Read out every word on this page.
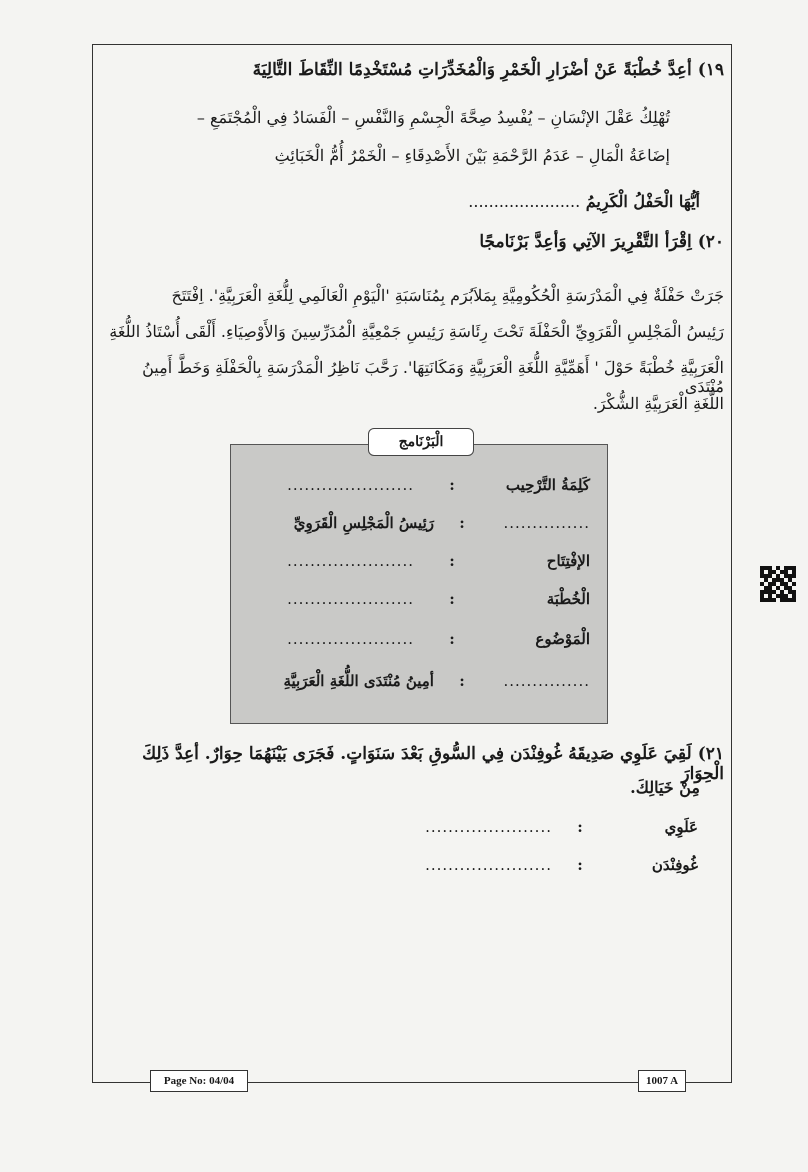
١٩)أعِدَّ خُطْبَةً عَنْ أضْرَارِ الْخَمْرِ وَالْمُخَدِّرَاتِ مُسْتَخْدِمًا النِّقَاطَ التَّالِيَةَ
تُهْلِكُ عَقْلَ الإنْسَانِ – يُفْسِدُ صِحَّةَ الْجِسْمِ وَالنَّفْسِ – الْفَسَادُ فِي الْمُجْتَمَعِ –
إضَاعَةُ الْمَالِ – عَدَمُ الرَّحْمَةِ بَيْنَ الأَصْدِقَاءِ – الْخَمْرُ أُمُّ الْخَبَائِثِ
أيُّهَا الْحَفْلُ الْكَرِيمُ ......................
٢٠)اِقْرَأ التَّقْرِيرَ الآتِي وَأعِدَّ بَرْنَامجًا
جَرَتْ حَفْلَةٌ فِي الْمَدْرَسَةِ الْحُكُومِيَّةِ بِمَلاَبُرَم بِمُنَاسَبَةِ 'الْيَوْمِ الْعَالَمِي لِلُّغَةِ الْعَرَبِيَّةِ'. اِفْتَتَحَ
رَئِيسُ الْمَجْلِسِ الْقَرَوِيِّ الْحَفْلَةَ تَحْتَ رِئَاسَةِ رَئِيسِ جَمْعِيَّةِ الْمُدَرِّسِينَ وَالأَوْصِيَاءِ. أَلْقَى أُسْتَاذُ اللُّغَةِ
الْعَرَبِيَّةِ خُطْبَةً حَوْلَ ' أَهَمِّيَّةِ اللُّغَةِ الْعَرَبِيَّةِ وَمَكَانَتِهَا'. رَحَّبَ نَاظِرُ الْمَدْرَسَةِ بِالْحَفْلَةِ وَخَطَّ أَمِينُ مُنْتَدَى
اللُّغَةِ الْعَرَبِيَّةِ الشُّكْرَ.
الْبَرْنَامج
كَلِمَةُ التَّرْحِيب : ......................
............... : رَئِيسُ الْمَجْلِسِ الْقَرَوِيِّ
الإفْتِتَاح : ......................
الْخُطْبَة : ......................
الْمَوْضُوع : ......................
............... : أمِينُ مُنْتَدَى اللُّغَةِ الْعَرَبِيَّةِ
٢١)لَقِيَ عَلَوِي صَدِيقَهُ غُوفِنْدَن فِي السُّوقِ بَعْدَ سَنَوَاتٍ. فَجَرَى بَيْنَهُمَا حِوَارٌ. أعِدَّ ذَلِكَ الْحِوَارَ
مِنْ خَيَالِكَ.
عَلَوِي : ......................
غُوفِنْدَن : ......................
Page No: 04/04	1007 A
